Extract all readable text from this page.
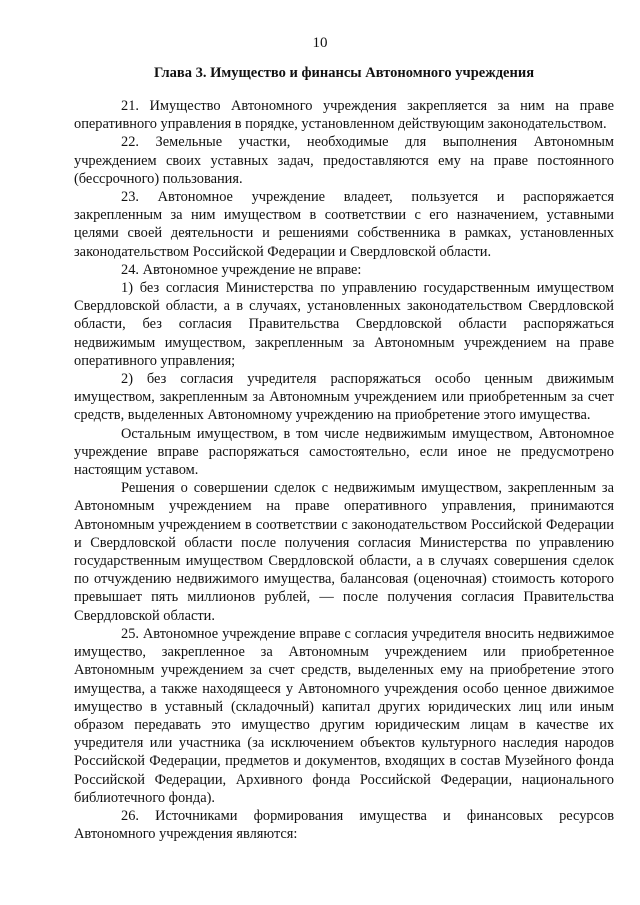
10
Глава 3. Имущество и финансы Автономного учреждения

21. Имущество Автономного учреждения закрепляется за ним на праве оперативного управления в порядке, установленном действующим законодательством.

22. Земельные участки, необходимые для выполнения Автономным учреждением своих уставных задач, предоставляются ему на праве постоянного (бессрочного) пользования.

23. Автономное учреждение владеет, пользуется и распоряжается закрепленным за ним имуществом в соответствии с его назначением, уставными целями своей деятельности и решениями собственника в рамках, установленных законодательством Российской Федерации и Свердловской области.

24. Автономное учреждение не вправе:

1) без согласия Министерства по управлению государственным имуществом Свердловской области, а в случаях, установленных законодательством Свердловской области, без согласия Правительства Свердловской области распоряжаться недвижимым имуществом, закрепленным за Автономным учреждением на праве оперативного управления;

2) без согласия учредителя распоряжаться особо ценным движимым имуществом, закрепленным за Автономным учреждением или приобретенным за счет средств, выделенных Автономному учреждению на приобретение этого имущества.

Остальным имуществом, в том числе недвижимым имуществом, Автономное учреждение вправе распоряжаться самостоятельно, если иное не предусмотрено настоящим уставом.

Решения о совершении сделок с недвижимым имуществом, закрепленным за Автономным учреждением на праве оперативного управления, принимаются Автономным учреждением в соответствии с законодательством Российской Федерации и Свердловской области после получения согласия Министерства по управлению государственным имуществом Свердловской области, а в случаях совершения сделок по отчуждению недвижимого имущества, балансовая (оценочная) стоимость которого превышает пять миллионов рублей, — после получения согласия Правительства Свердловской области.

25. Автономное учреждение вправе с согласия учредителя вносить недвижимое имущество, закрепленное за Автономным учреждением или приобретенное Автономным учреждением за счет средств, выделенных ему на приобретение этого имущества, а также находящееся у Автономного учреждения особо ценное движимое имущество в уставный (складочный) капитал других юридических лиц или иным образом передавать это имущество другим юридическим лицам в качестве их учредителя или участника (за исключением объектов культурного наследия народов Российской Федерации, предметов и документов, входящих в состав Музейного фонда Российской Федерации, Архивного фонда Российской Федерации, национального библиотечного фонда).

26. Источниками формирования имущества и финансовых ресурсов Автономного учреждения являются:
